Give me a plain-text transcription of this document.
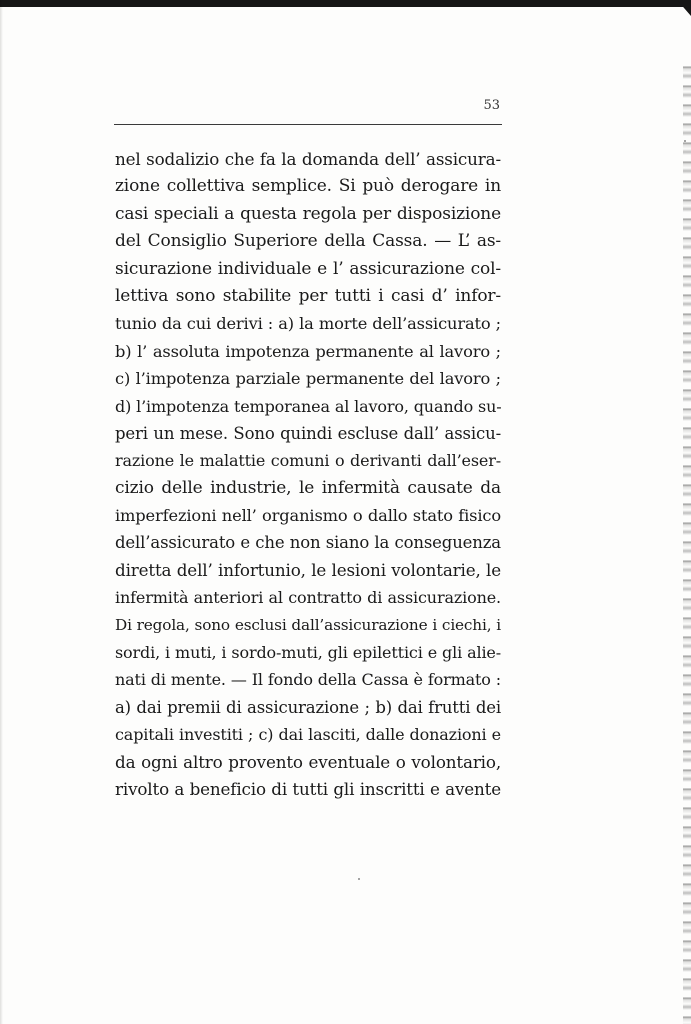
53
nel sodalizio che fa la domanda dell’ assicura-
zione collettiva semplice. Si può derogare in
casi speciali a questa regola per disposizione
del Consiglio Superiore della Cassa. — L’ as-
sicurazione individuale e l’ assicurazione col-
lettiva sono stabilite per tutti i casi d’ infor-
tunio da cui derivi : a) la morte dell’assicurato ;
b) l’ assoluta impotenza permanente al lavoro ;
c) l’impotenza parziale permanente del lavoro ;
d) l’impotenza temporanea al lavoro, quando su-
peri un mese. Sono quindi escluse dall’ assicu-
razione le malattie comuni o derivanti dall’eser-
cizio delle industrie, le infermità causate da
imperfezioni nell’ organismo o dallo stato fisico
dell’assicurato e che non siano la conseguenza
diretta dell’ infortunio, le lesioni volontarie, le
infermità anteriori al contratto di assicurazione.
Di regola, sono esclusi dall’assicurazione i ciechi, i
sordi, i muti, i sordo-muti, gli epilettici e gli alie-
nati di mente. — Il fondo della Cassa è formato :
a) dai premii di assicurazione ; b) dai frutti dei
capitali investiti ; c) dai lasciti, dalle donazioni e
da ogni altro provento eventuale o volontario,
rivolto a beneficio di tutti gli inscritti e avente
